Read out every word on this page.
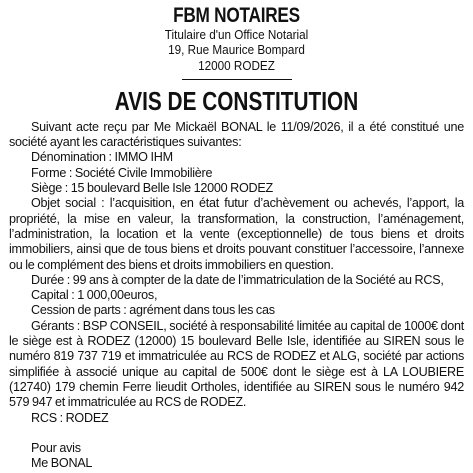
FBM NOTAIRES
Titulaire d'un Office Notarial
19, Rue Maurice Bompard
12000 RODEZ
AVIS DE CONSTITUTION

Suivant acte reçu par Me Mickaël BONAL le 11/09/2026, il a été constitué une société ayant les caractéristiques suivantes:

Dénomination : IMMO IHM

Forme : Société Civile Immobilière

Siège : 15 boulevard Belle Isle 12000 RODEZ

Objet social : l’acquisition, en état futur d’achèvement ou achevés, l’apport, la propriété, la mise en valeur, la transformation, la construction, l’aménagement, l’administration, la location et la vente (exceptionnelle) de tous biens et droits immobiliers, ainsi que de tous biens et droits pouvant constituer l’accessoire, l’annexe ou le complément des biens et droits immobiliers en question.

Durée : 99 ans à compter de la date de l’immatriculation de la Société au RCS,

Capital : 1 000,00euros,

Cession de parts : agrément dans tous les cas

Gérants : BSP CONSEIL, société à responsabilité limitée au capital de 1000€ dont le siège est à RODEZ (12000) 15 boulevard Belle Isle, identifiée au SIREN sous le numéro 819 737 719 et immatriculée au RCS de RODEZ et ALG, société par actions simplifiée à associé unique au capital de 500€ dont le siège est à LA LOUBIERE (12740) 179 chemin Ferre lieudit Ortholes, identifiée au SIREN sous le numéro 942 579 947 et immatriculée au RCS de RODEZ.

RCS : RODEZ

Pour avis

Me BONAL
